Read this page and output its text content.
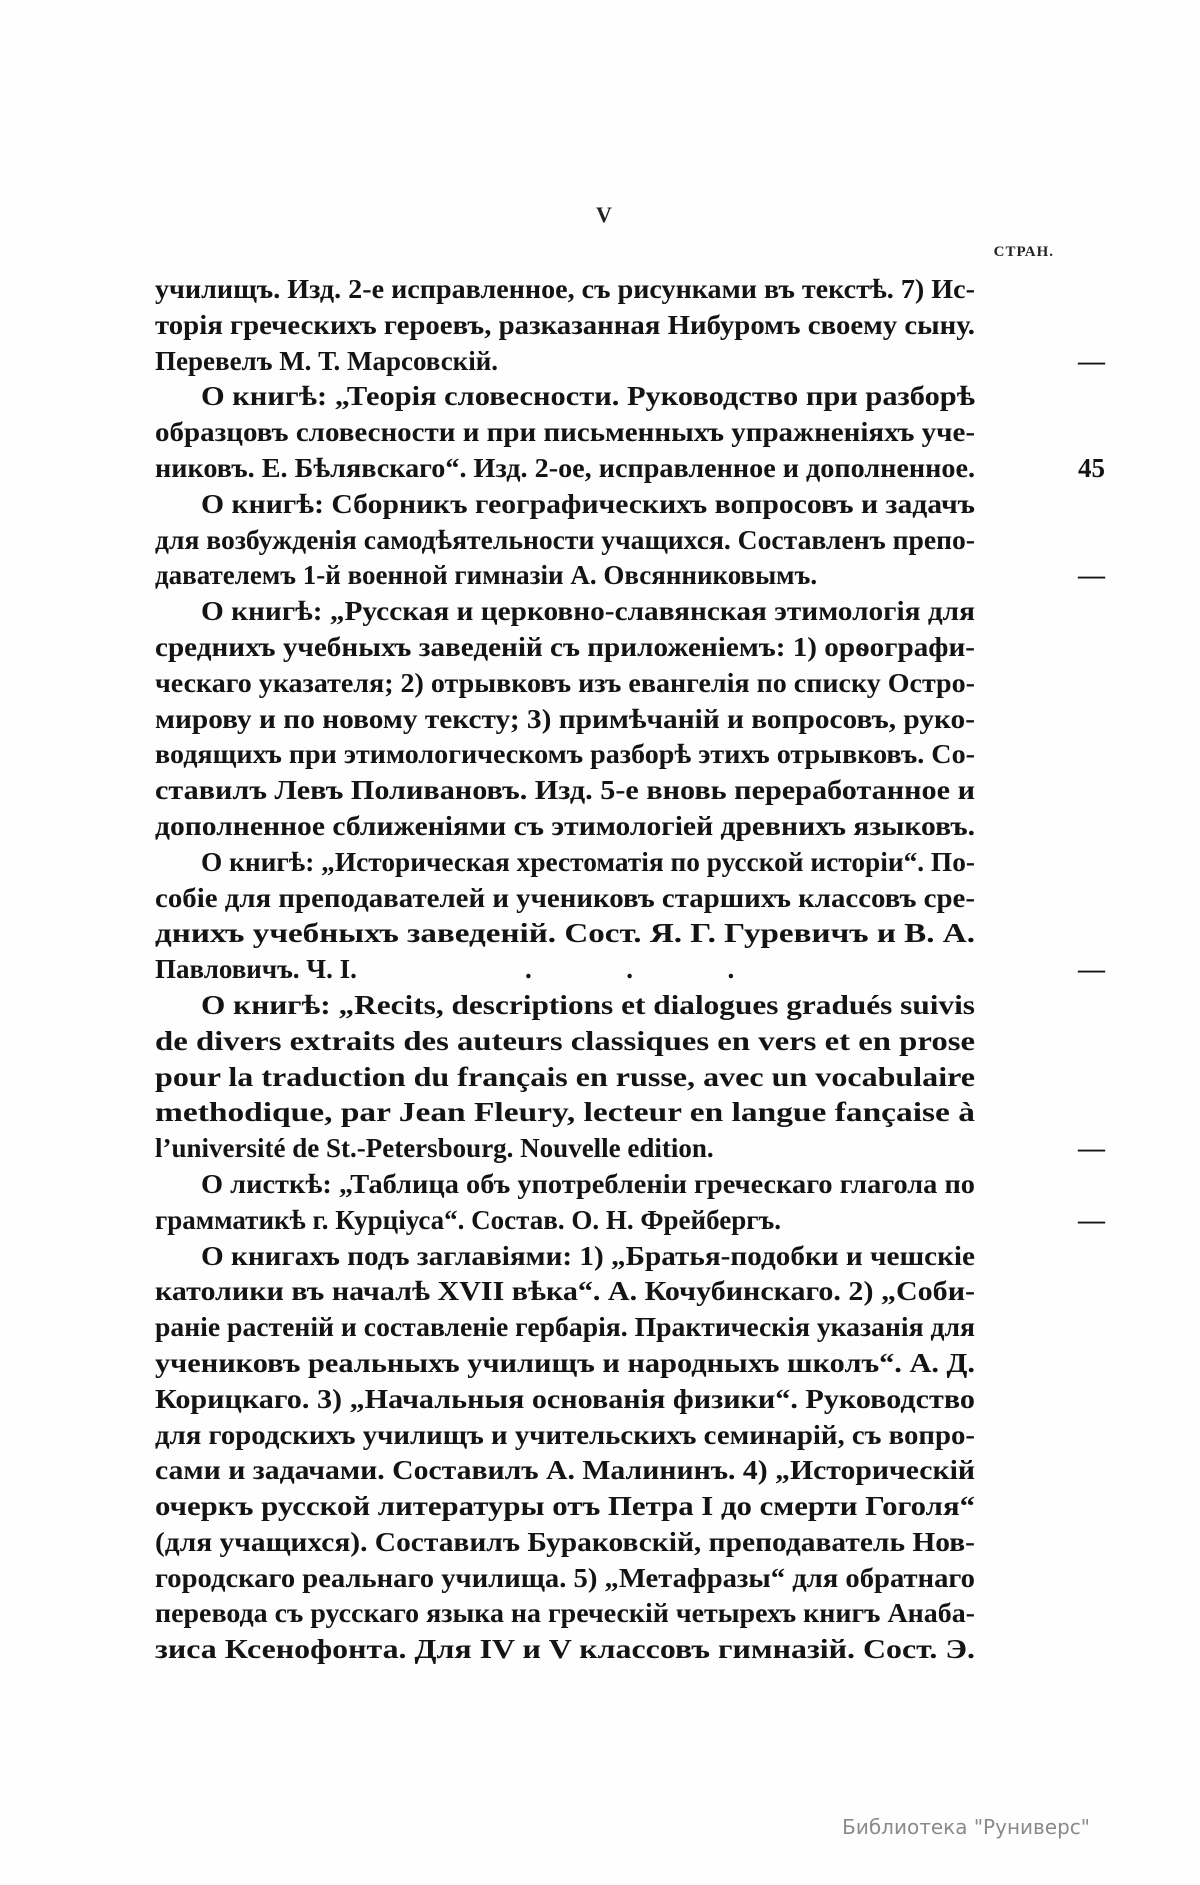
V
СТРАН.
училищъ. Изд. 2-е исправленное, съ рисунками въ текстѣ. 7) Ис-
торія греческихъ героевъ, разказанная Нибуромъ своему сыну.
Перевелъ М. Т. Марсовскій.	—
О книгѣ: „Теорія словесности. Руководство при разборѣ
образцовъ словесности и при письменныхъ упражненіяхъ уче-
никовъ. Е. Бѣлявскаго“. Изд. 2-ое, исправленное и дополненное.	45
О книгѣ: Сборникъ географическихъ вопросовъ и задачъ
для возбужденія самодѣятельности учащихся. Составленъ препо-
давателемъ 1-й военной гимназіи А. Овсянниковымъ.	—
О книгѣ: „Русская и церковно-славянская этимологія для
среднихъ учебныхъ заведеній съ приложеніемъ: 1) орѳографи-
ческаго указателя; 2) отрывковъ изъ евангелія по списку Остро-
мирову и по новому тексту; 3) примѣчаній и вопросовъ, руко-
водящихъ при этимологическомъ разборѣ этихъ отрывковъ. Со-
ставилъ Левъ Поливановъ. Изд. 5-е вновь переработанное и
дополненное сближеніями съ этимологіей древнихъ языковъ.
О книгѣ: „Историческая хрестоматія по русской исторіи“. По-
собіе для преподавателей и учениковъ старшихъ классовъ сре-
днихъ учебныхъ заведеній. Сост. Я. Г. Гуревичъ и В. А.
Павловичъ. Ч. I.	.              .              .	—
О книгѣ: „Recits, descriptions et dialogues gradués suivis
de divers extraits des auteurs classiques en vers et en prose
pour la traduction du français en russe, avec un vocabulaire
methodique, par Jean Fleury, lecteur en langue fançaise à
l’université de St.-Petersbourg. Nouvelle edition.	—
О листкѣ: „Таблица объ употребленіи греческаго глагола по
грамматикѣ г. Курціуса“. Состав. О. Н. Фрейбергъ.	—
О книгахъ подъ заглавіями: 1) „Братья-подобки и чешскіе
католики въ началѣ XVII вѣка“. А. Кочубинскаго. 2) „Соби-
раніе растеній и составленіе гербарія. Практическія указанія для
учениковъ реальныхъ училищъ и народныхъ школъ“. А. Д.
Корицкаго. 3) „Начальныя основанія физики“. Руководство
для городскихъ училищъ и учительскихъ семинарій, съ вопро-
сами и задачами. Составилъ А. Малининъ. 4) „Историческій
очеркъ русской литературы отъ Петра I до смерти Гоголя“
(для учащихся). Составилъ Бураковскій, преподаватель Нов-
городскаго реальнаго училища. 5) „Метафразы“ для обратнаго
перевода съ русскаго языка на греческій четырехъ книгъ Анаба-
зиса Ксенофонта. Для IV и V классовъ гимназій. Сост. Э.
Библиотека "Руниверс"
